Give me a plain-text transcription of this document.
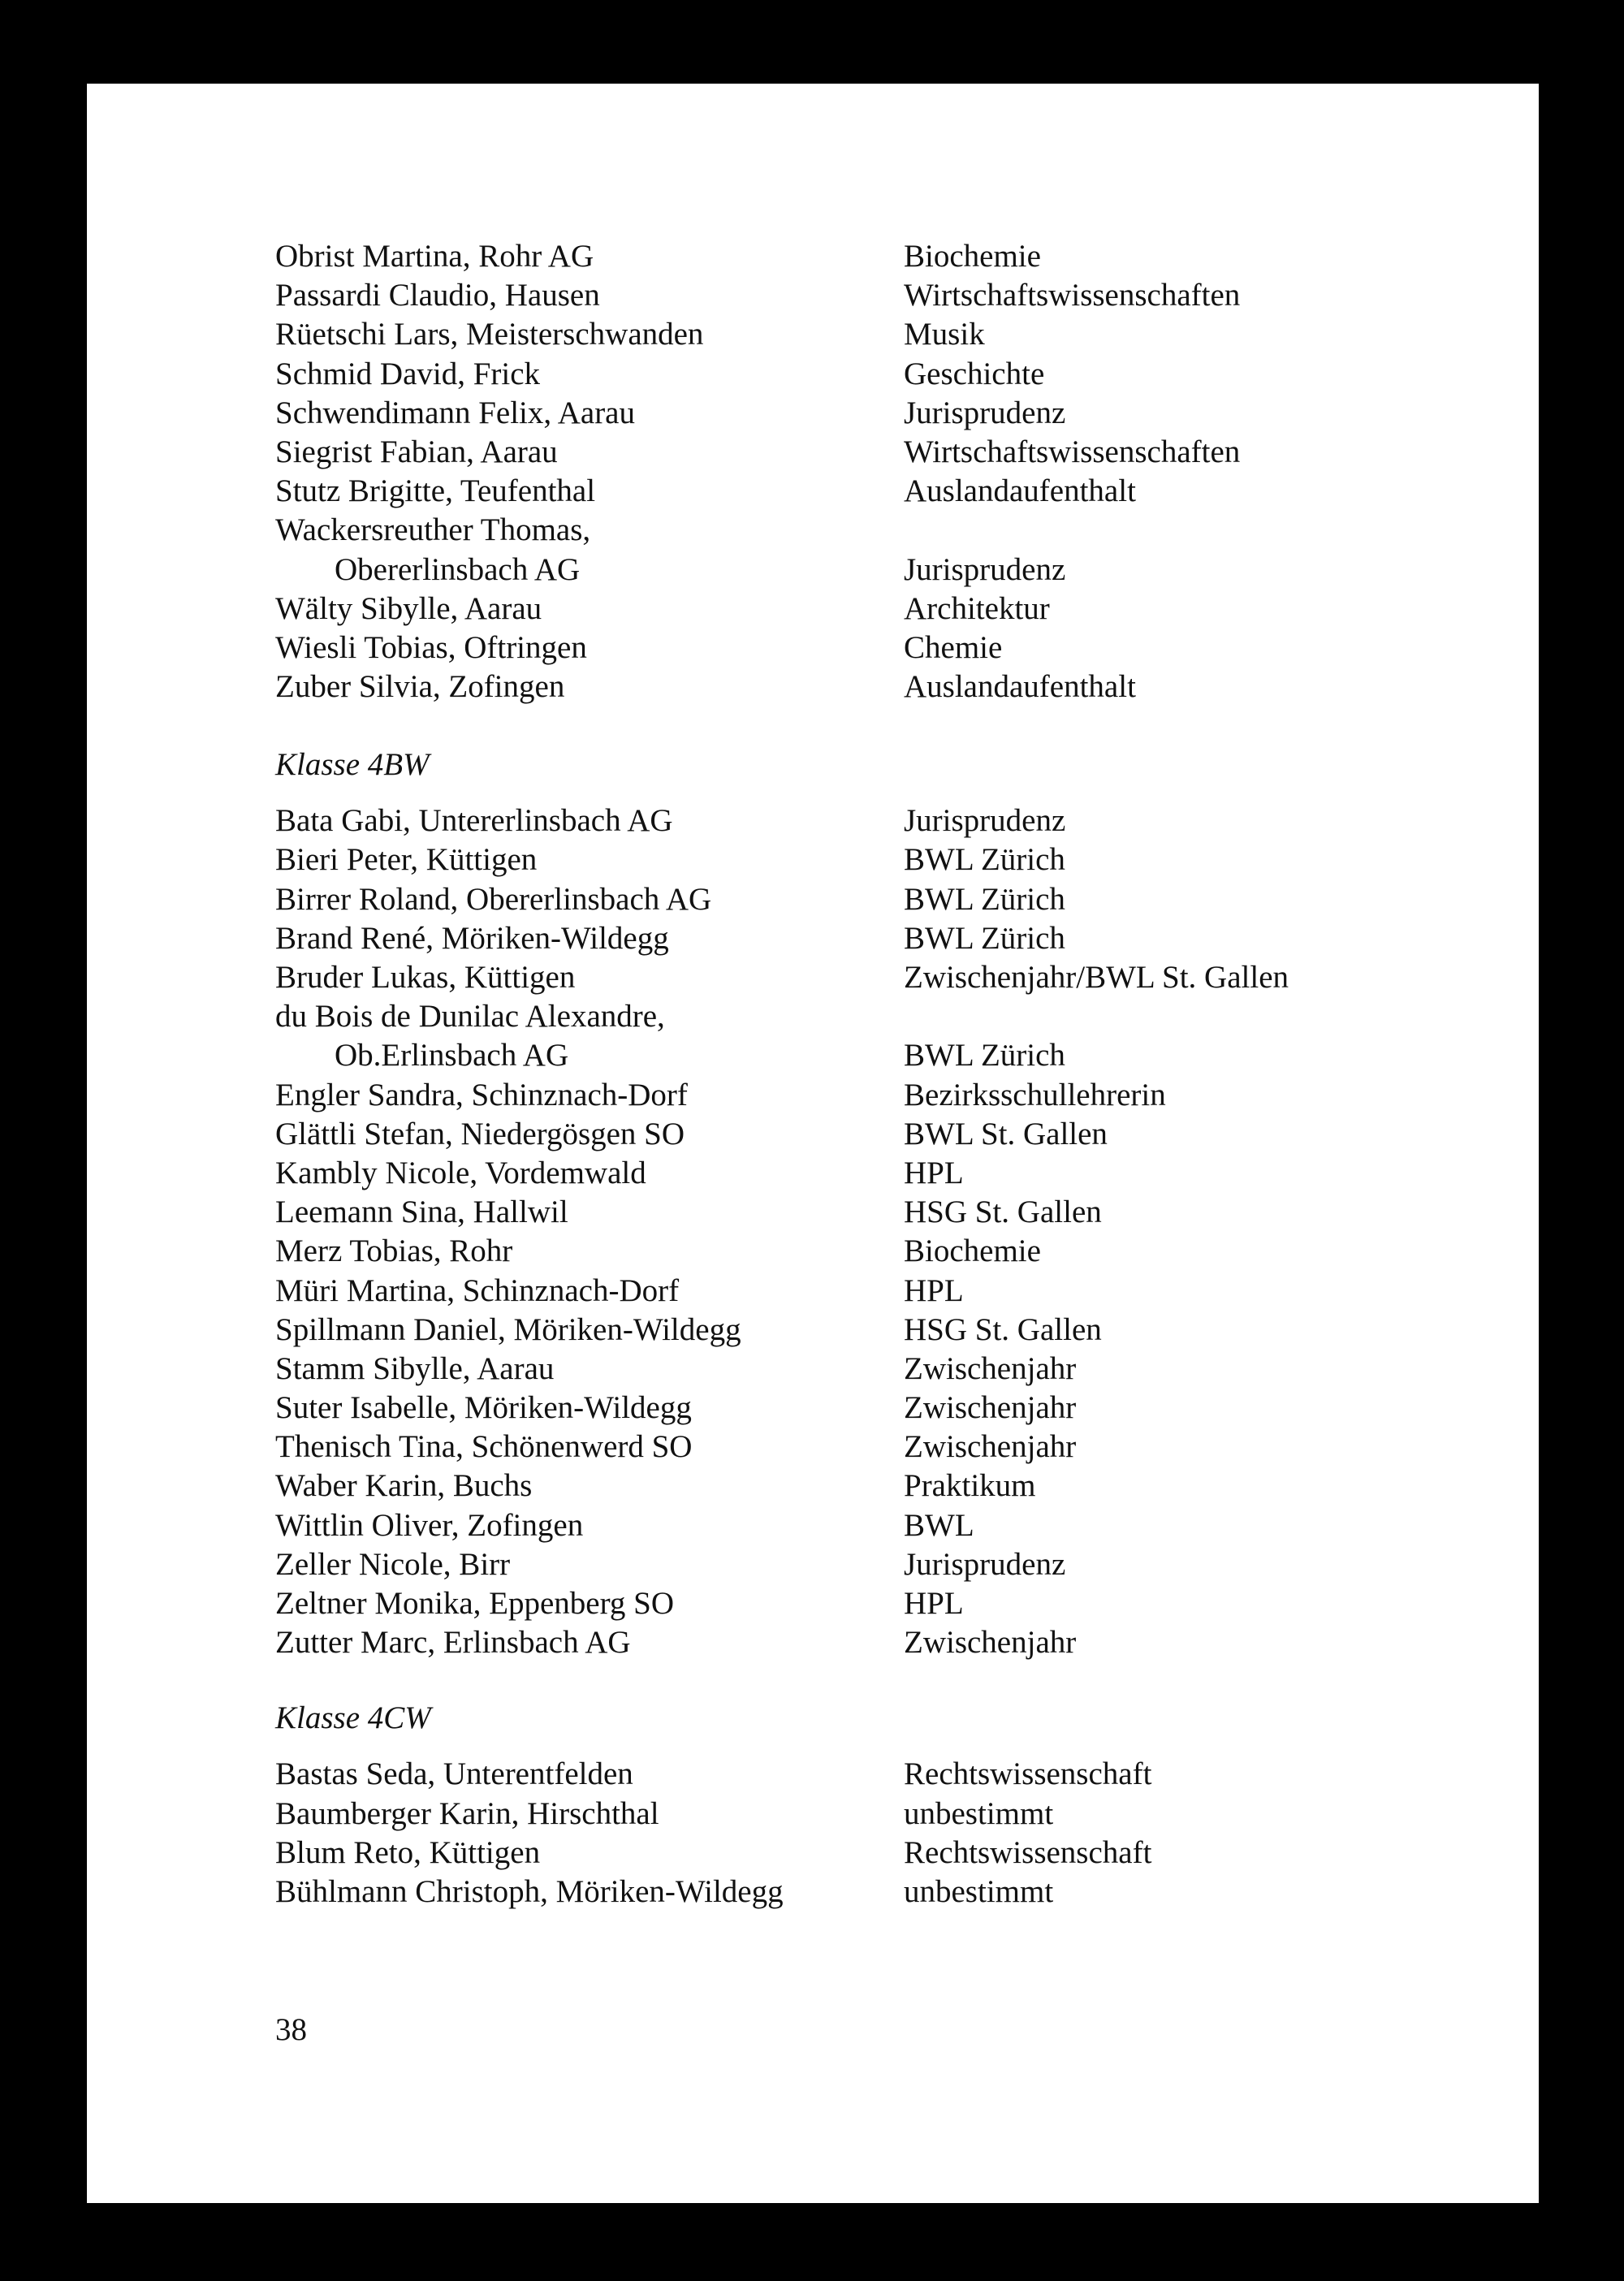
Obrist Martina, Rohr AG	Biochemie
Passardi Claudio, Hausen	Wirtschaftswissenschaften
Rüetschi Lars, Meisterschwanden	Musik
Schmid David, Frick	Geschichte
Schwendimann Felix, Aarau	Jurisprudenz
Siegrist Fabian, Aarau	Wirtschaftswissenschaften
Stutz Brigitte, Teufenthal	Auslandaufenthalt
Wackersreuther Thomas,
Obererlinsbach AG	Jurisprudenz
Wälty Sibylle, Aarau	Architektur
Wiesli Tobias, Oftringen	Chemie
Zuber Silvia, Zofingen	Auslandaufenthalt
Klasse 4BW
Bata Gabi, Untererlinsbach AG	Jurisprudenz
Bieri Peter, Küttigen	BWL Zürich
Birrer Roland, Obererlinsbach AG	BWL Zürich
Brand René, Möriken-Wildegg	BWL Zürich
Bruder Lukas, Küttigen	Zwischenjahr/BWL St. Gallen
du Bois de Dunilac Alexandre,
Ob.Erlinsbach AG	BWL Zürich
Engler Sandra, Schinznach-Dorf	Bezirksschullehrerin
Glättli Stefan, Niedergösgen SO	BWL St. Gallen
Kambly Nicole, Vordemwald	HPL
Leemann Sina, Hallwil	HSG St. Gallen
Merz Tobias, Rohr	Biochemie
Müri Martina, Schinznach-Dorf	HPL
Spillmann Daniel, Möriken-Wildegg	HSG St. Gallen
Stamm Sibylle, Aarau	Zwischenjahr
Suter Isabelle, Möriken-Wildegg	Zwischenjahr
Thenisch Tina, Schönenwerd SO	Zwischenjahr
Waber Karin, Buchs	Praktikum
Wittlin Oliver, Zofingen	BWL
Zeller Nicole, Birr	Jurisprudenz
Zeltner Monika, Eppenberg SO	HPL
Zutter Marc, Erlinsbach AG	Zwischenjahr
Klasse 4CW
Bastas Seda, Unterentfelden	Rechtswissenschaft
Baumberger Karin, Hirschthal	unbestimmt
Blum Reto, Küttigen	Rechtswissenschaft
Bühlmann Christoph, Möriken-Wildegg	unbestimmt
38
